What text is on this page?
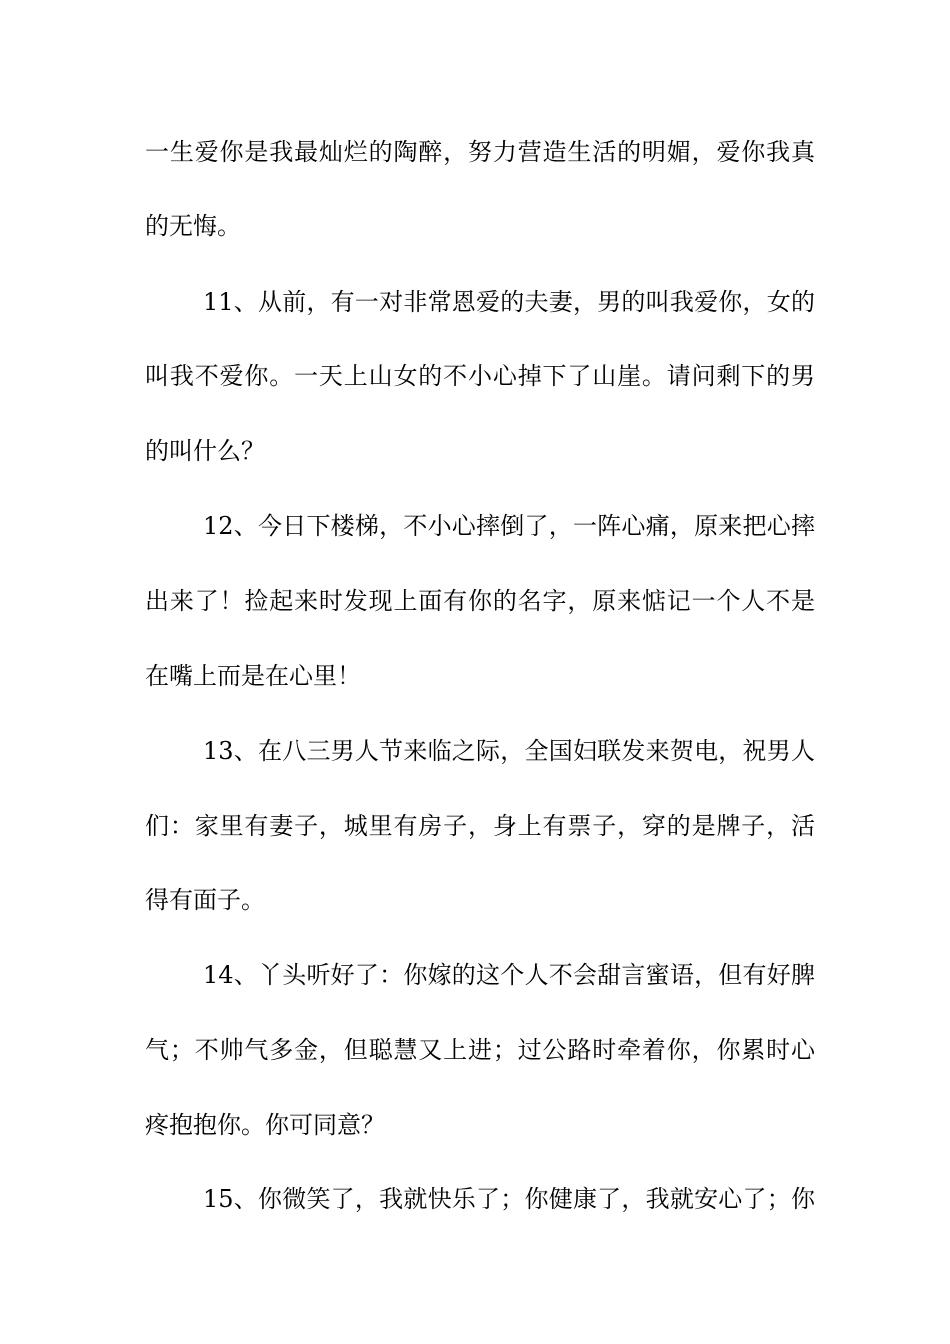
一生爱你是我最灿烂的陶醉，努力营造生活的明媚，爱你我真
的无悔。
11、从前，有一对非常恩爱的夫妻，男的叫我爱你，女的
叫我不爱你。一天上山女的不小心掉下了山崖。请问剩下的男
的叫什么？
12、今日下楼梯，不小心摔倒了，一阵心痛，原来把心摔
出来了！捡起来时发现上面有你的名字，原来惦记一个人不是
在嘴上而是在心里！
13、在八三男人节来临之际，全国妇联发来贺电，祝男人
们：家里有妻子，城里有房子，身上有票子，穿的是牌子，活
得有面子。
14、丫头听好了：你嫁的这个人不会甜言蜜语，但有好脾
气；不帅气多金，但聪慧又上进；过公路时牵着你，你累时心
疼抱抱你。你可同意？
15、你微笑了，我就快乐了；你健康了，我就安心了；你
